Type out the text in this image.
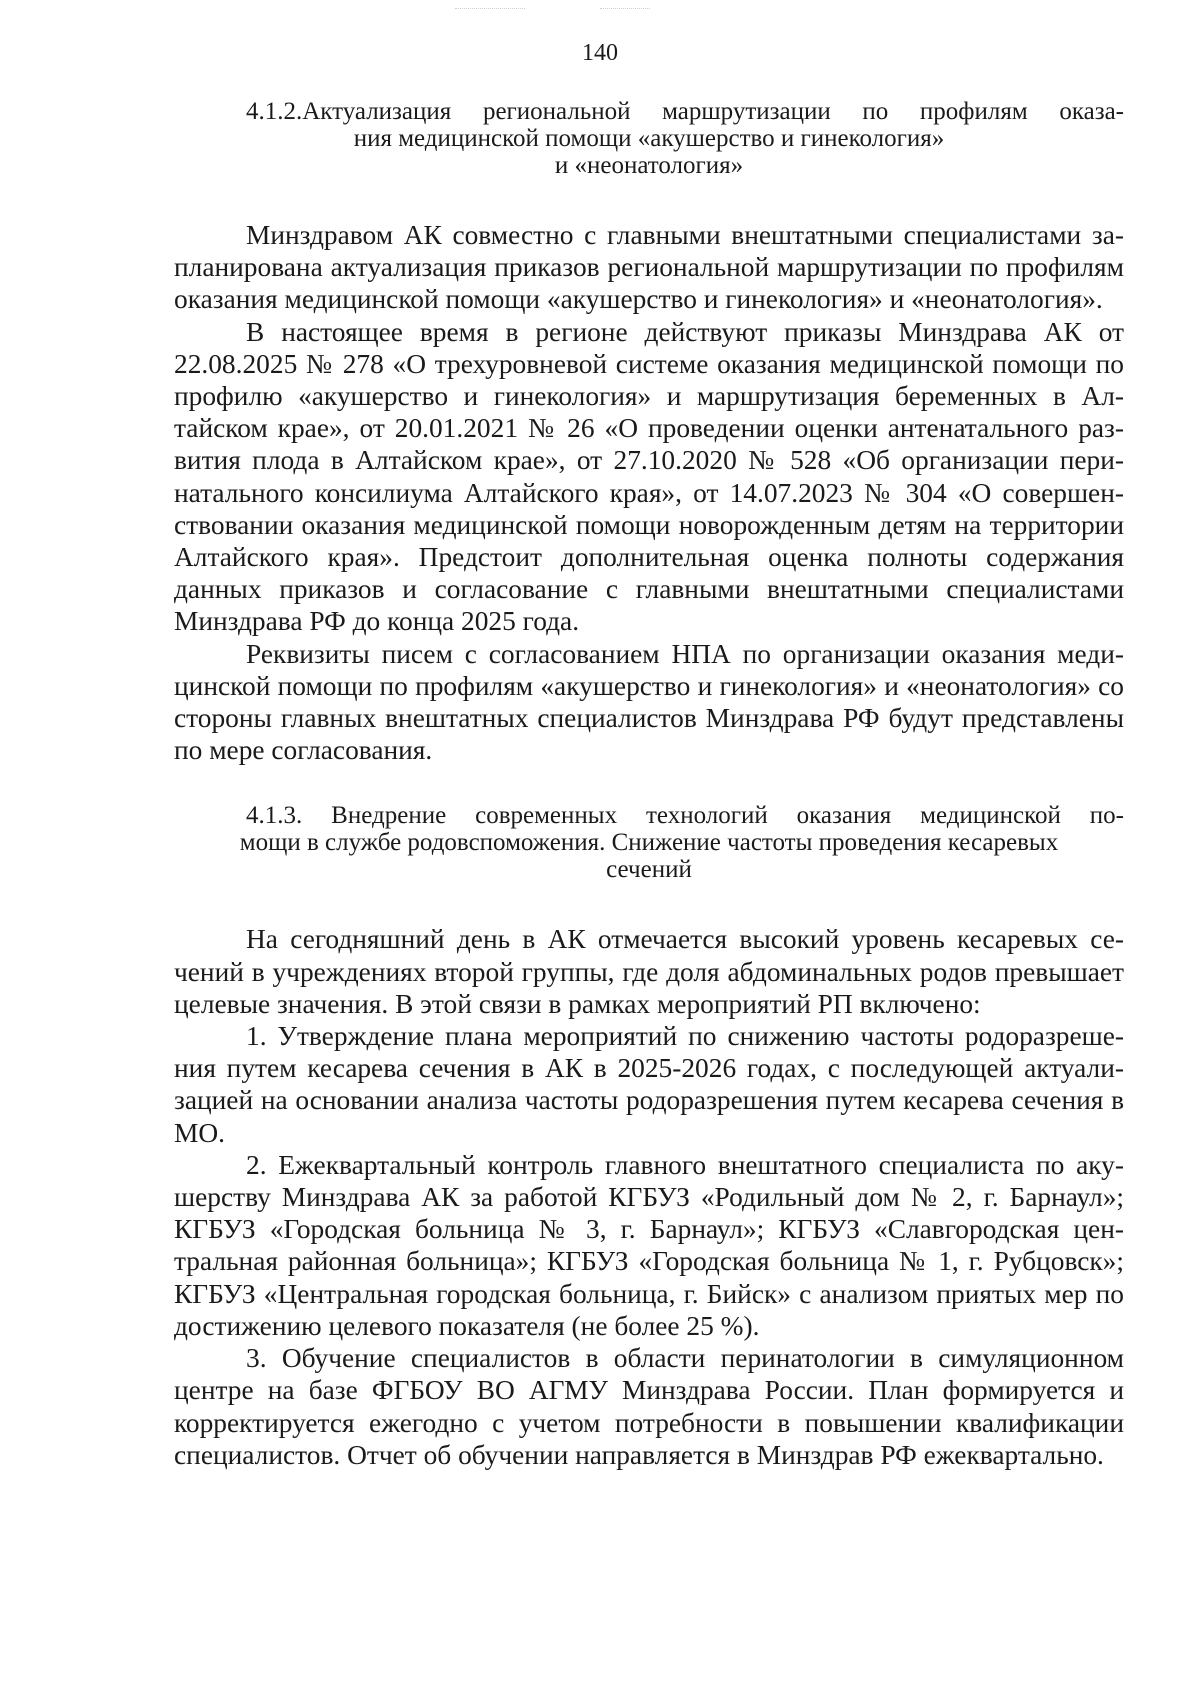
140
4.1.2.Актуализация региональной маршрутизации по профилям оказа-
ния медицинской помощи «акушерство и гинекология»
и «неонатология»

Минздравом АК совместно с главными внештатными специалистами запланирована актуализация приказов региональной маршрутизации по профилям оказания медицинской помощи «акушерство и гинекология» и «неонатология».

В настоящее время в регионе действуют приказы Минздрава АК от 22.08.2025 № 278 «О трехуровневой системе оказания медицинской помощи по профилю «акушерство и гинекология» и маршрутизация беременных в Алтайском крае», от 20.01.2021 № 26 «О проведении оценки антенатального развития плода в Алтайском крае», от 27.10.2020 № 528 «Об организации перинатального консилиума Алтайского края», от 14.07.2023 № 304 «О совершенствовании оказания медицинской помощи новорожденным детям на территории Алтайского края». Предстоит дополнительная оценка полноты содержания данных приказов и согласование с главными внештатными специалистами Минздрава РФ до конца 2025 года.

Реквизиты писем с согласованием НПА по организации оказания медицинской помощи по профилям «акушерство и гинекология» и «неонатология» со стороны главных внештатных специалистов Минздрава РФ будут представлены по мере согласования.

4.1.3. Внедрение современных технологий оказания медицинской по-
мощи в службе родовспоможения. Снижение частоты проведения кесаревых
сечений

На сегодняшний день в АК отмечается высокий уровень кесаревых сечений в учреждениях второй группы, где доля абдоминальных родов превышает целевые значения. В этой связи в рамках мероприятий РП включено:

1. Утверждение плана мероприятий по снижению частоты родоразрешения путем кесарева сечения в АК в 2025-2026 годах, с последующей актуализацией на основании анализа частоты родоразрешения путем кесарева сечения в МО.

2. Ежеквартальный контроль главного внештатного специалиста по акушерству Минздрава АК за работой КГБУЗ «Родильный дом № 2, г. Барнаул»; КГБУЗ «Городская больница № 3, г. Барнаул»; КГБУЗ «Славгородская центральная районная больница»; КГБУЗ «Городская больница № 1, г. Рубцовск»; КГБУЗ «Центральная городская больница, г. Бийск» с анализом приятых мер по достижению целевого показателя (не более 25 %).

3. Обучение специалистов в области перинатологии в симуляционном центре на базе ФГБОУ ВО АГМУ Минздрава России. План формируется и корректируется ежегодно с учетом потребности в повышении квалификации специалистов. Отчет об обучении направляется в Минздрав РФ ежеквартально.
